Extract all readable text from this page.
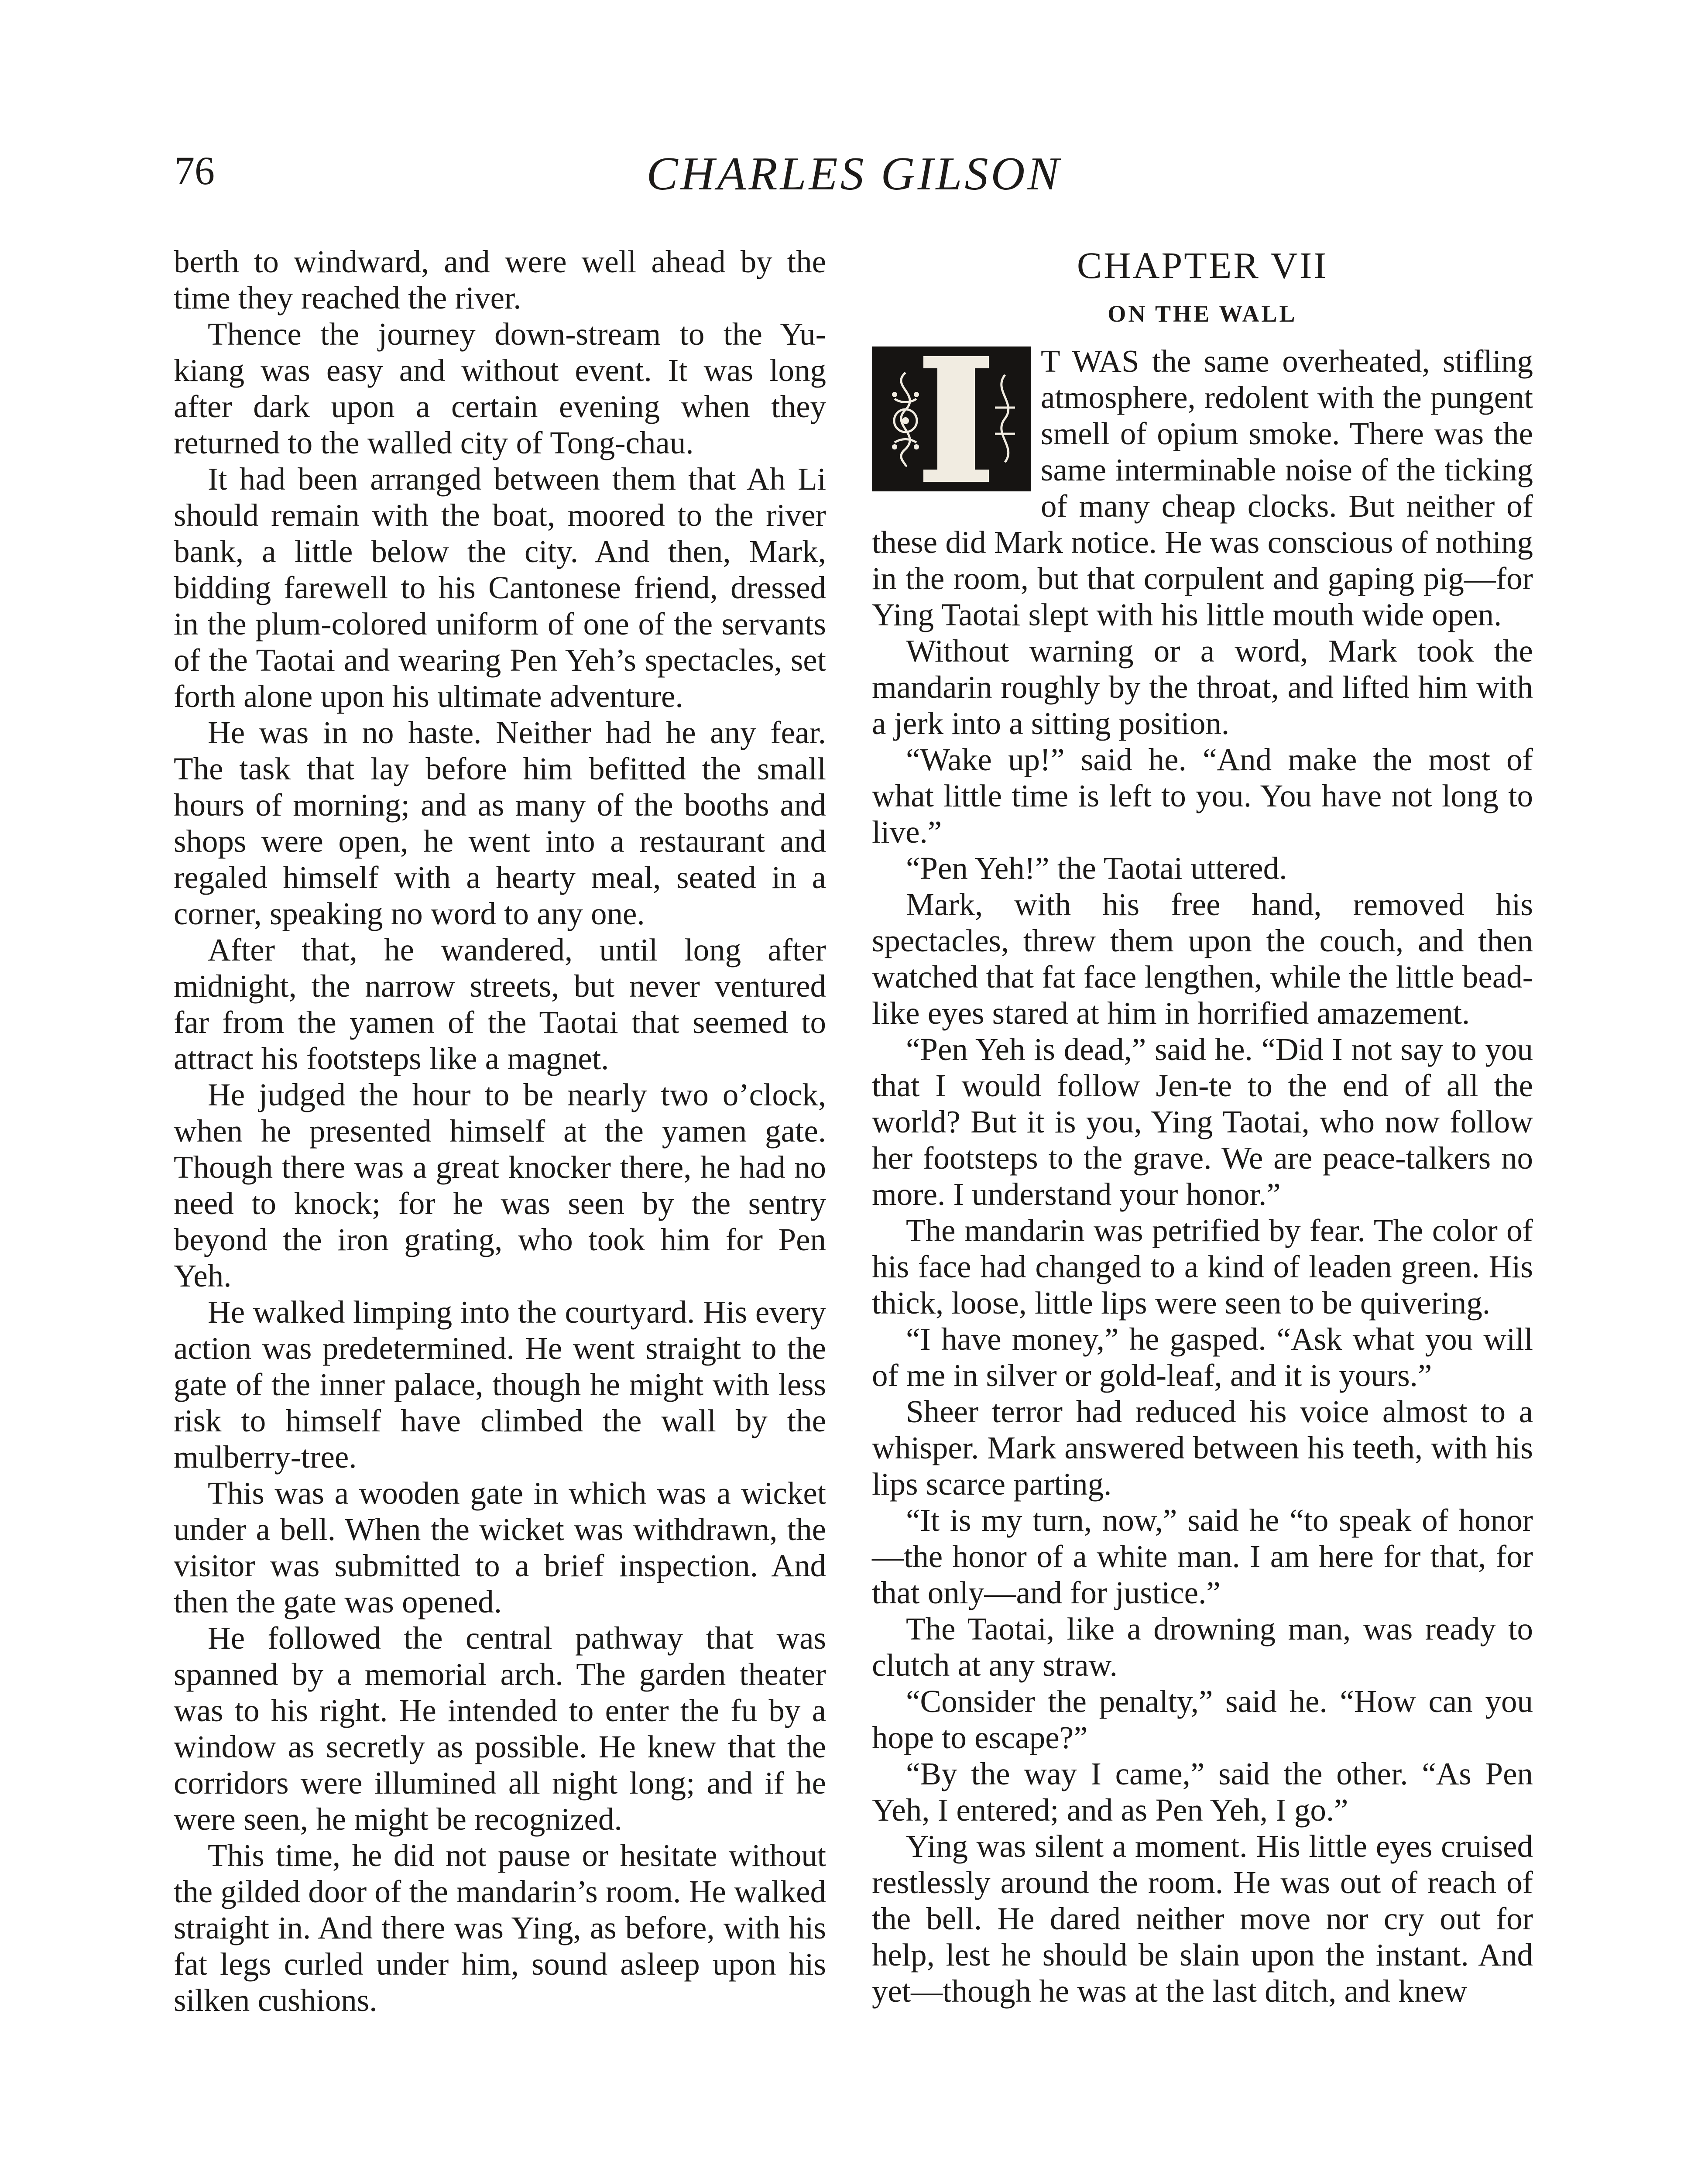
76	CHARLES GILSON

berth to windward, and were well ahead by the time they reached the river.

Thence the journey down-stream to the Yu-kiang was easy and without event. It was long after dark upon a certain evening when they returned to the walled city of Tong-chau.

It had been arranged between them that Ah Li should remain with the boat, moored to the river bank, a little below the city. And then, Mark, bidding farewell to his Cantonese friend, dressed in the plum-colored uniform of one of the servants of the Taotai and wearing Pen Yeh’s spectacles, set forth alone upon his ultimate adventure.

He was in no haste. Neither had he any fear. The task that lay before him befitted the small hours of morning; and as many of the booths and shops were open, he went into a restaurant and regaled himself with a hearty meal, seated in a corner, speaking no word to any one.

After that, he wandered, until long after midnight, the narrow streets, but never ventured far from the yamen of the Taotai that seemed to attract his footsteps like a magnet.

He judged the hour to be nearly two o’clock, when he presented himself at the yamen gate. Though there was a great knocker there, he had no need to knock; for he was seen by the sentry beyond the iron grating, who took him for Pen Yeh.

He walked limping into the courtyard. His every action was predetermined. He went straight to the gate of the inner palace, though he might with less risk to himself have climbed the wall by the mulberry-tree.

This was a wooden gate in which was a wicket under a bell. When the wicket was withdrawn, the visitor was submitted to a brief inspection. And then the gate was opened.

He followed the central pathway that was spanned by a memorial arch. The garden theater was to his right. He intended to enter the fu by a window as secretly as possible. He knew that the corridors were illumined all night long; and if he were seen, he might be recognized.

This time, he did not pause or hesitate without the gilded door of the mandarin’s room. He walked straight in. And there was Ying, as before, with his fat legs curled under him, sound asleep upon his silken cushions.

CHAPTER VII
ON THE WALL

T WAS the same overheated, stifling atmosphere, redolent with the pungent smell of opium smoke. There was the same interminable noise of the ticking of many cheap clocks. But neither of these did Mark notice. He was conscious of nothing in the room, but that corpulent and gaping pig—for Ying Taotai slept with his little mouth wide open.

Without warning or a word, Mark took the mandarin roughly by the throat, and lifted him with a jerk into a sitting position.

“Wake up!” said he. “And make the most of what little time is left to you. You have not long to live.”

“Pen Yeh!” the Taotai uttered.

Mark, with his free hand, removed his spectacles, threw them upon the couch, and then watched that fat face lengthen, while the little bead-like eyes stared at him in horrified amazement.

“Pen Yeh is dead,” said he. “Did I not say to you that I would follow Jen-te to the end of all the world? But it is you, Ying Taotai, who now follow her footsteps to the grave. We are peace-talkers no more. I understand your honor.”

The mandarin was petrified by fear. The color of his face had changed to a kind of leaden green. His thick, loose, little lips were seen to be quivering.

“I have money,” he gasped. “Ask what you will of me in silver or gold-leaf, and it is yours.”

Sheer terror had reduced his voice almost to a whisper. Mark answered between his teeth, with his lips scarce parting.

“It is my turn, now,” said he “to speak of honor—the honor of a white man. I am here for that, for that only—and for justice.”

The Taotai, like a drowning man, was ready to clutch at any straw.

“Consider the penalty,” said he. “How can you hope to escape?”

“By the way I came,” said the other. “As Pen Yeh, I entered; and as Pen Yeh, I go.”

Ying was silent a moment. His little eyes cruised restlessly around the room. He was out of reach of the bell. He dared neither move nor cry out for help, lest he should be slain upon the instant. And yet—though he was at the last ditch, and knew
